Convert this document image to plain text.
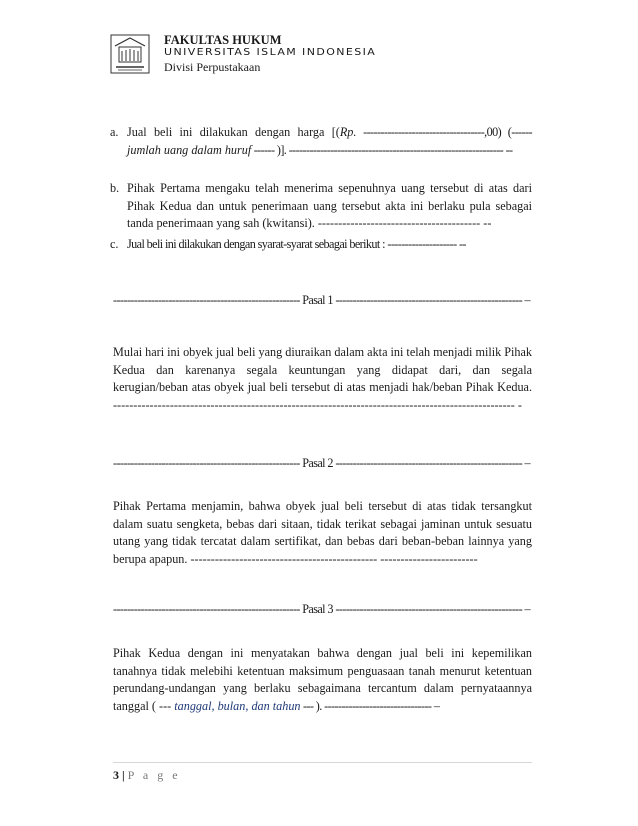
FAKULTAS HUKUM
UNIVERSITAS ISLAM INDONESIA
Divisi Perpustakaan
a. Jual beli ini dilakukan dengan harga [(Rp. -----------------------------------,00) (------ jumlah uang dalam huruf ------ )]. -------------------------------------------------------------- --
b. Pihak Pertama mengaku telah menerima sepenuhnya uang tersebut di atas dari Pihak Kedua dan untuk penerimaan uang tersebut akta ini berlaku pula sebagai tanda penerimaan yang sah (kwitansi). ---------------------------------------- --
c. Jual beli ini dilakukan dengan syarat-syarat sebagai berikut : -------------------- --
------------------------------------------------------ Pasal 1 ------------------------------------------------------ –
Mulai hari ini obyek jual beli yang diuraikan dalam akta ini telah menjadi milik Pihak Kedua dan karenanya segala keuntungan yang didapat dari, dan segala kerugian/beban atas obyek jual beli tersebut di atas menjadi hak/beban Pihak Kedua. --------------------------------------------------------------------------------------------------- -
------------------------------------------------------ Pasal 2 ------------------------------------------------------ –
Pihak Pertama menjamin, bahwa obyek jual beli tersebut di atas tidak tersangkut dalam suatu sengketa, bebas dari sitaan, tidak terikat sebagai jaminan untuk sesuatu utang yang tidak tercatat dalam sertifikat, dan bebas dari beban-beban lainnya yang berupa apapun. ---------------------------------------------- ------------------------
------------------------------------------------------ Pasal 3 ------------------------------------------------------ –
Pihak Kedua dengan ini menyatakan bahwa dengan jual beli ini kepemilikan tanahnya tidak melebihi ketentuan maksimum penguasaan tanah menurut ketentuan perundang-undangan yang berlaku sebagaimana tercantum dalam pernyataannya tanggal ( --- tanggal, bulan, dan tahun --- ). ------------------------------- –
3 | P a g e
